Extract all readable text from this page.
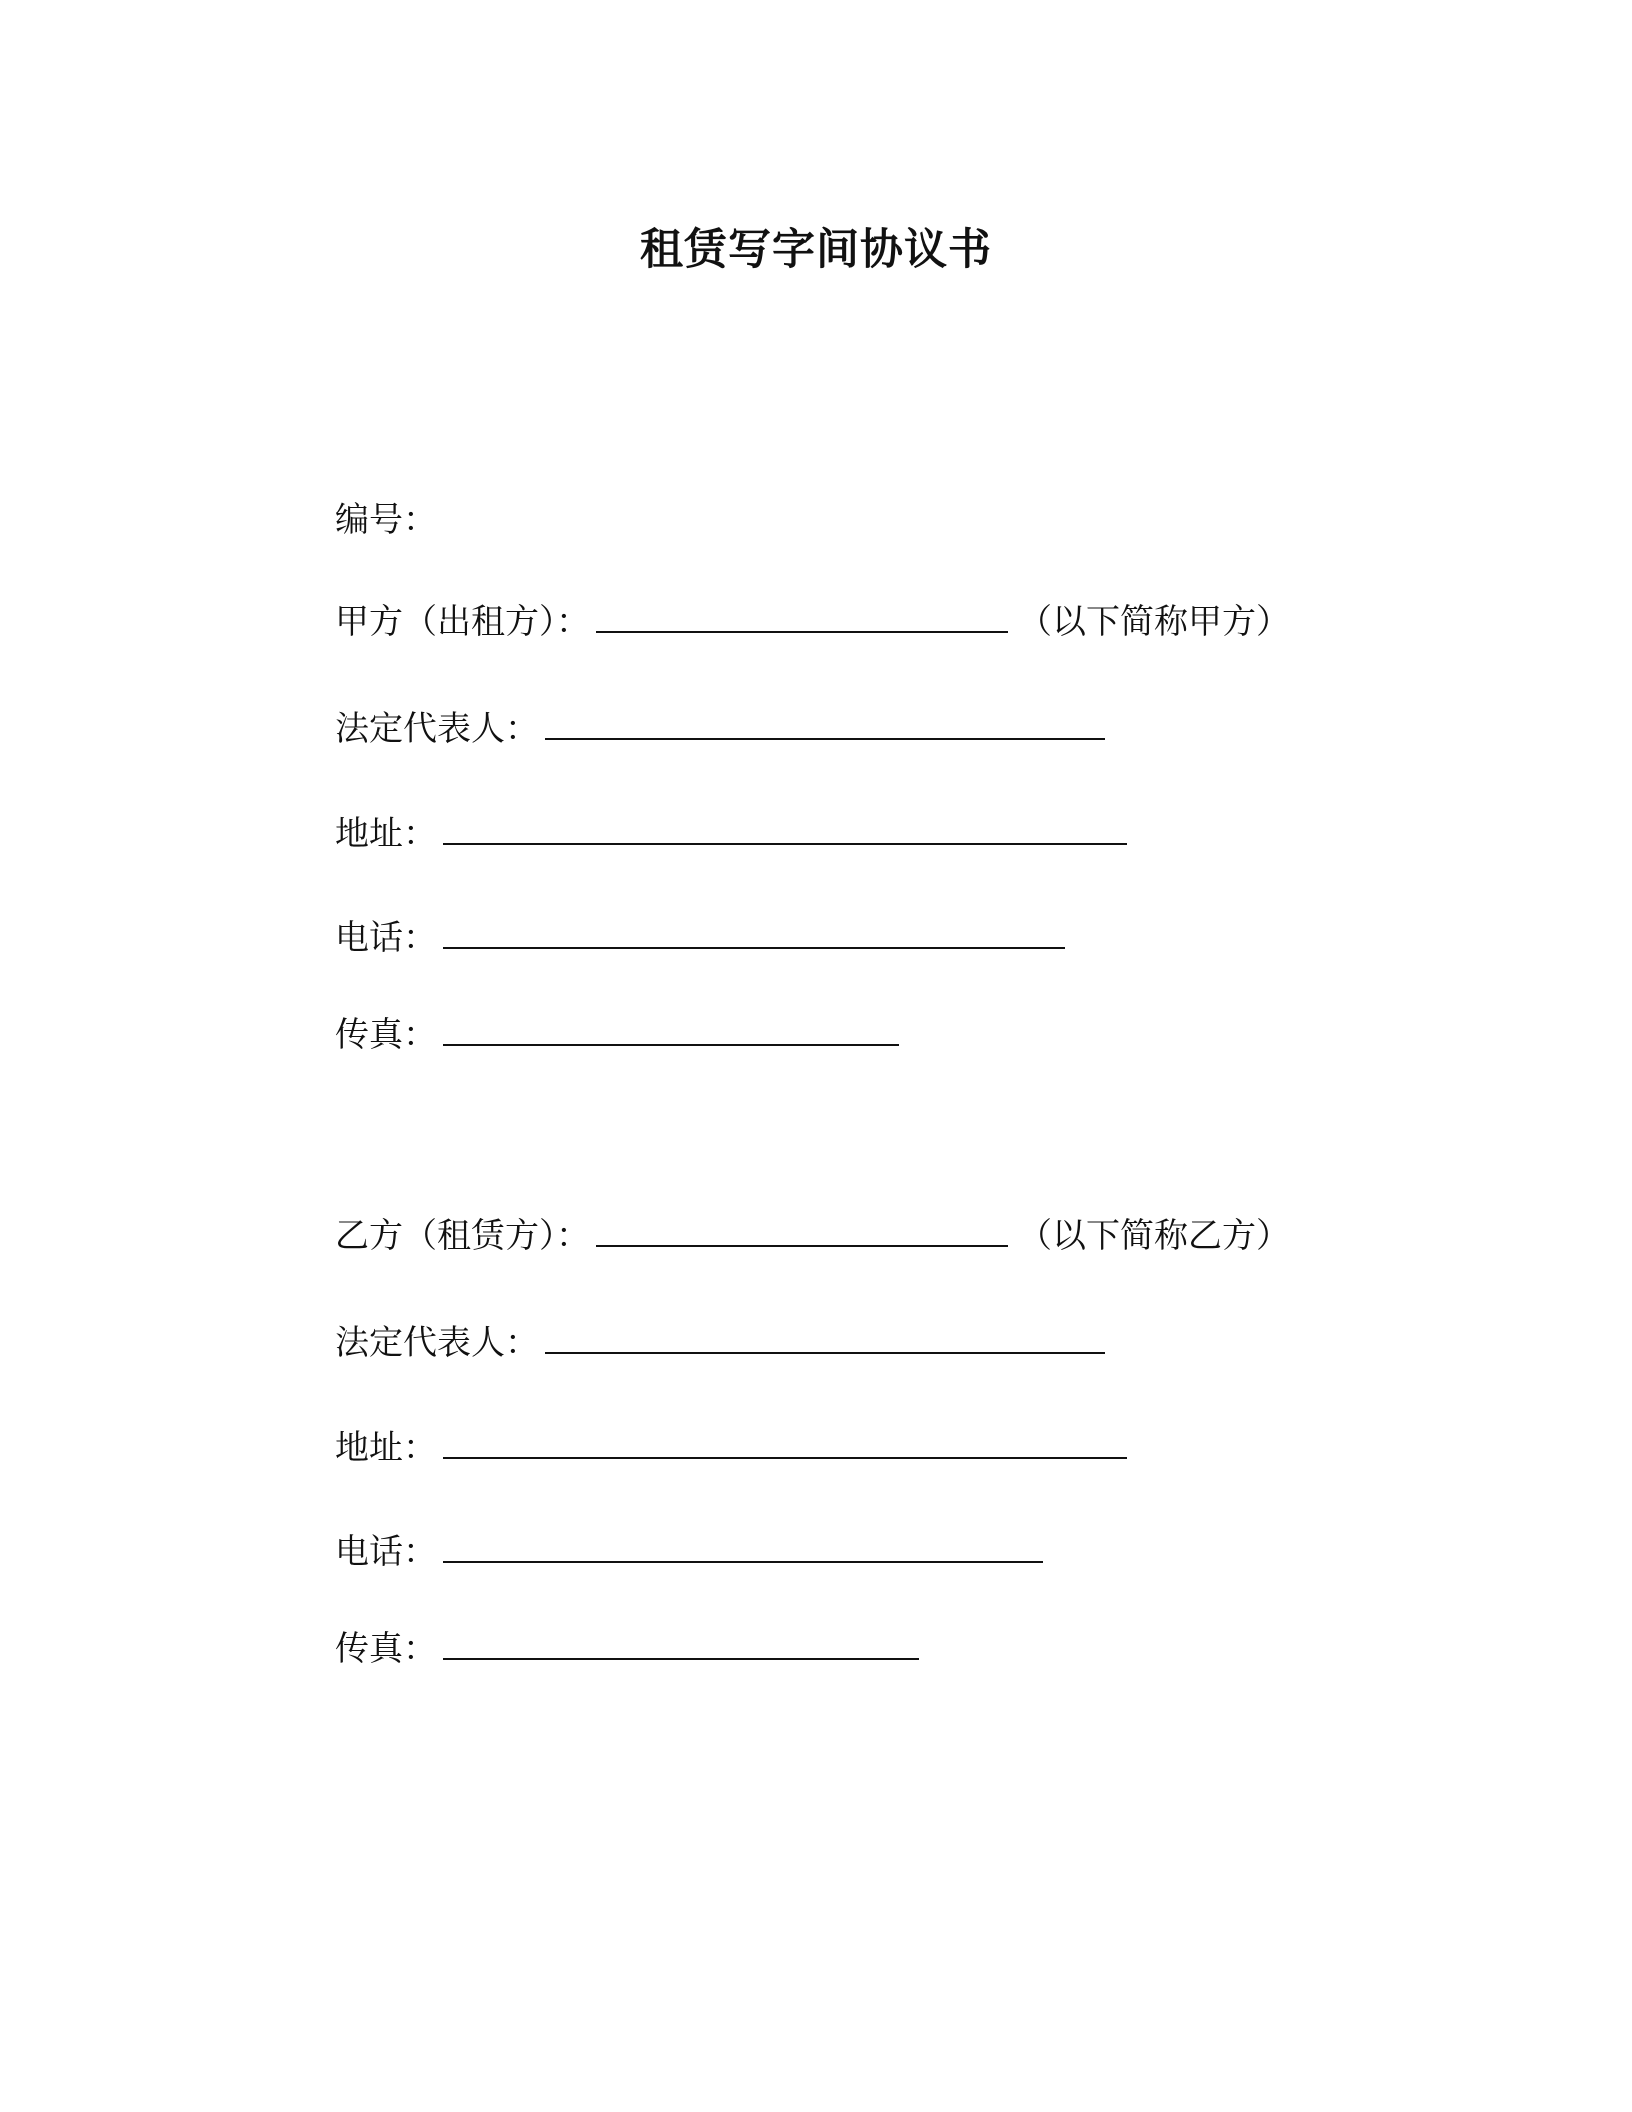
租赁写字间协议书
编号：
甲方（出租方）：	（以下简称甲方）
法定代表人：
地址：
电话：
传真：
乙方（租赁方）：	（以下简称乙方）
法定代表人：
地址：
电话：
传真：
